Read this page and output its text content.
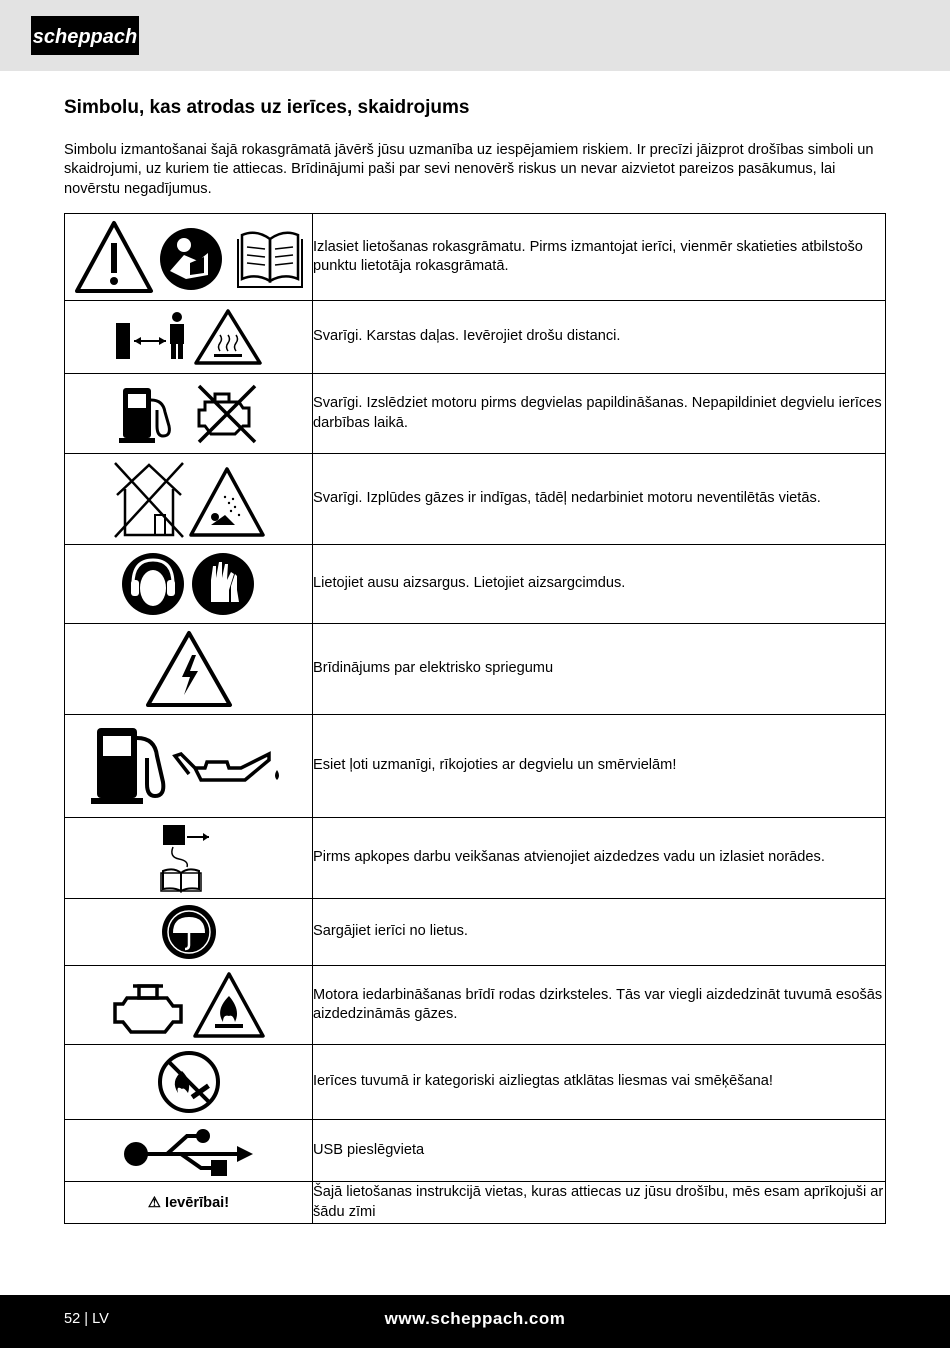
scheppach
Simbolu, kas atrodas uz ierīces, skaidrojums

Simbolu izmantošanai šajā rokasgrāmatā jāvērš jūsu uzmanība uz iespējamiem riskiem. Ir precīzi jāizprot drošības simboli un skaidrojumi, uz kuriem tie attiecas. Brīdinājumi paši par sevi nenovērš riskus un nevar aizvietot pareizos pasākumus, lai novērstu negadījumus.

	Izlasiet lietošanas rokasgrāmatu. Pirms izmantojat ierīci, vienmēr skatieties atbilstošo punktu lietotāja rokasgrāmatā.

	Svarīgi. Karstas daļas. Ievērojiet drošu distanci.

	Svarīgi. Izslēdziet motoru pirms degvielas papildināšanas. Nepapildiniet degvielu ierīces darbības laikā.

	Svarīgi. Izplūdes gāzes ir indīgas, tādēļ nedarbiniet motoru neventilētās vietās.

	Lietojiet ausu aizsargus. Lietojiet aizsargcimdus.

	Brīdinājums par elektrisko spriegumu

	Esiet ļoti uzmanīgi, rīkojoties ar degvielu un smērvielām!

	Pirms apkopes darbu veikšanas atvienojiet aizdedzes vadu un izlasiet norādes.

	Sargājiet ierīci no lietus.

	Motora iedarbināšanas brīdī rodas dzirksteles. Tās var viegli aizdedzināt tuvumā esošās aizdedzināmās gāzes.

	Ierīces tuvumā ir kategoriski aizliegtas atklātas liesmas vai smēķēšana!

	USB pieslēgvieta
⚠ Ievērībai!	Šajā lietošanas instrukcijā vietas, kuras attiecas uz jūsu drošību, mēs esam aprīkojuši ar šādu zīmi
52 | LV	www.scheppach.com
